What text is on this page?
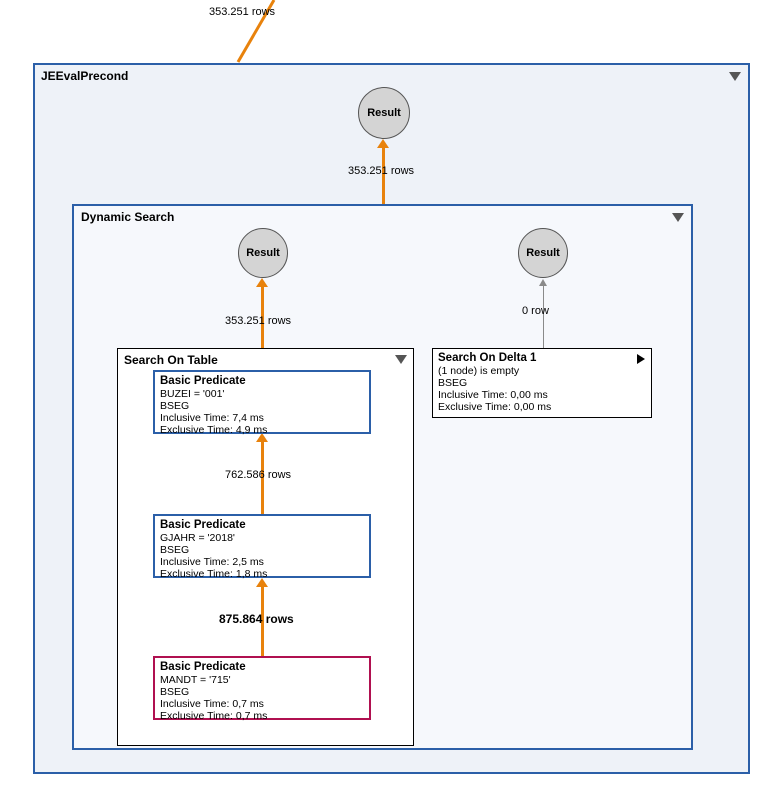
353.251 rows
JEEvalPrecond
Result
353.251 rows
Dynamic Search
Result	Result
353.251 rows
0 row
Search On Table
762.586 rows
875.864 rows
Basic Predicate
BUZEI = '001'
BSEG
Inclusive Time: 7,4 ms
Exclusive Time: 4,9 ms
Basic Predicate
GJAHR = '2018'
BSEG
Inclusive Time: 2,5 ms
Exclusive Time: 1,8 ms
Basic Predicate
MANDT = '715'
BSEG
Inclusive Time: 0,7 ms
Exclusive Time: 0,7 ms
Search On Delta 1
(1 node) is empty
BSEG
Inclusive Time: 0,00 ms
Exclusive Time: 0,00 ms
